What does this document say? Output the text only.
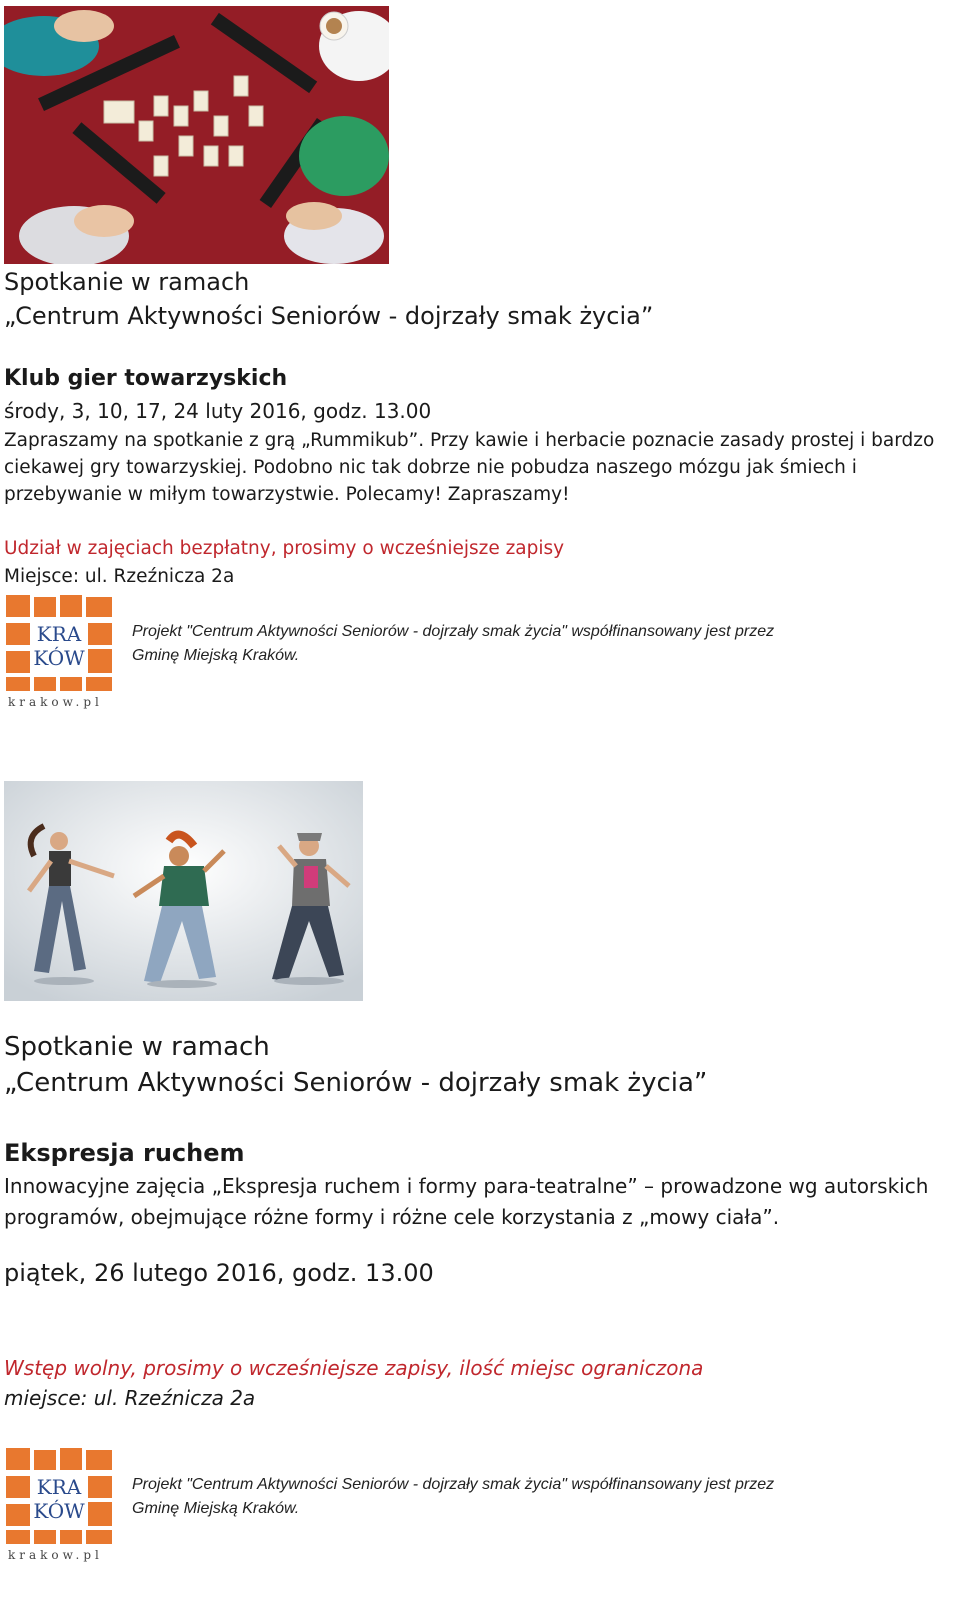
Spotkanie w ramach
„Centrum Aktywności Seniorów - dojrzały smak życia”
Klub gier towarzyskich
środy, 3, 10, 17, 24 luty 2016, godz. 13.00
Zapraszamy na spotkanie z grą „Rummikub”. Przy kawie i herbacie poznacie zasady prostej i bardzo
ciekawej gry towarzyskiej. Podobno nic tak dobrze nie pobudza naszego mózgu jak śmiech i
przebywanie w miłym towarzystwie. Polecamy! Zapraszamy!
Udział w zajęciach bezpłatny, prosimy o wcześniejsze zapisy
Miejsce: ul. Rzeźnicza 2a
KRA
KÓW
krakow.pl
Projekt "Centrum Aktywności Seniorów - dojrzały smak życia" współfinansowany jest przez
Gminę Miejską Kraków.
Spotkanie w ramach
„Centrum Aktywności Seniorów - dojrzały smak życia”
Ekspresja ruchem
Innowacyjne zajęcia „Ekspresja ruchem i formy para-teatralne” – prowadzone wg autorskich
programów, obejmujące różne formy i różne cele korzystania z „mowy ciała”.
piątek, 26 lutego 2016, godz. 13.00
Wstęp wolny, prosimy o wcześniejsze zapisy, ilość miejsc ograniczona
miejsce: ul. Rzeźnicza 2a
KRA
KÓW
krakow.pl
Projekt "Centrum Aktywności Seniorów - dojrzały smak życia" współfinansowany jest przez
Gminę Miejską Kraków.
